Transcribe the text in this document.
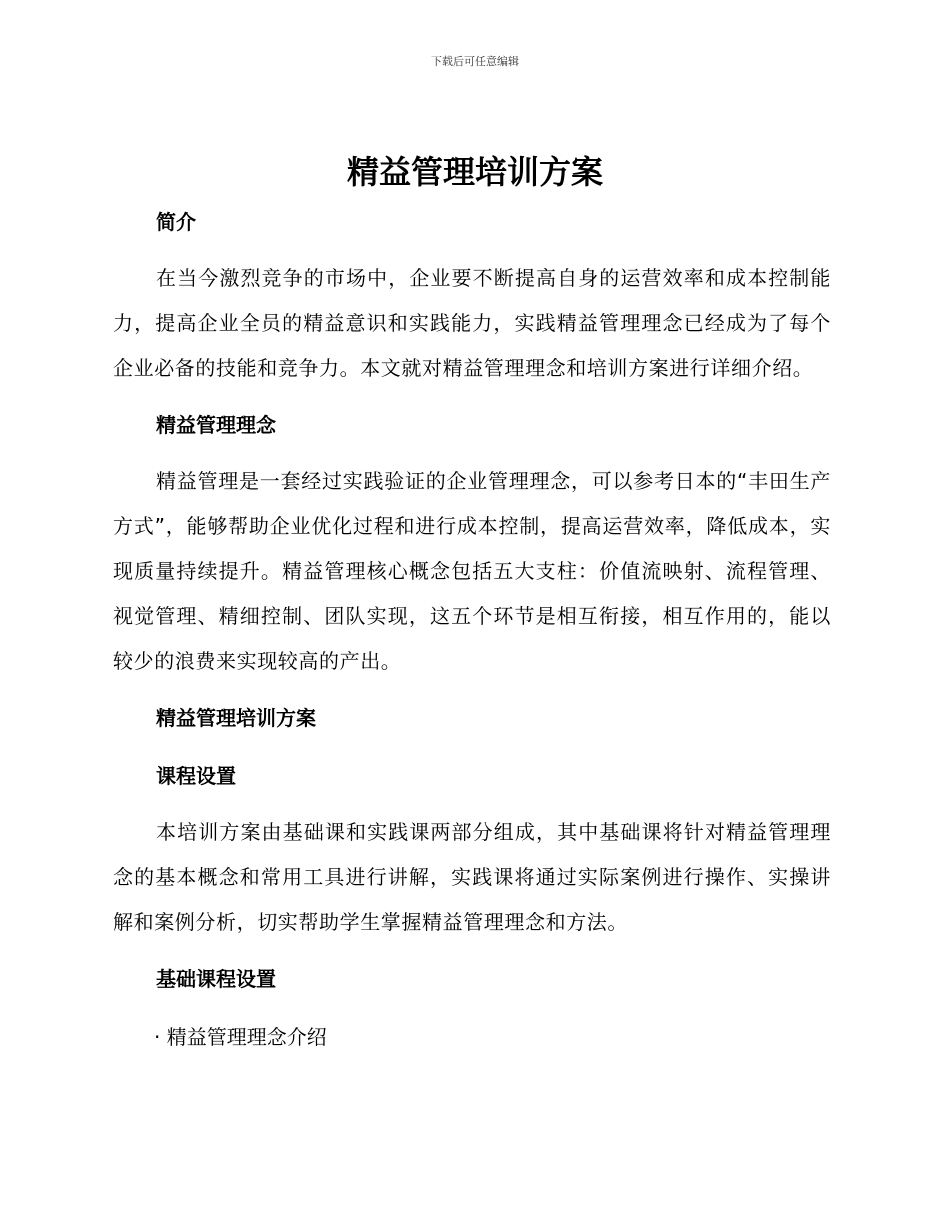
下载后可任意编辑
精益管理培训方案
简介

在当今激烈竞争的市场中，企业要不断提高自身的运营效率和成本控制能力，提高企业全员的精益意识和实践能力，实践精益管理理念已经成为了每个企业必备的技能和竞争力。本文就对精益管理理念和培训方案进行详细介绍。

精益管理理念

精益管理是一套经过实践验证的企业管理理念，可以参考日本的“丰田生产方式”，能够帮助企业优化过程和进行成本控制，提高运营效率，降低成本，实现质量持续提升。精益管理核心概念包括五大支柱：价值流映射、流程管理、视觉管理、精细控制、团队实现，这五个环节是相互衔接，相互作用的，能以较少的浪费来实现较高的产出。

精益管理培训方案
课程设置

本培训方案由基础课和实践课两部分组成，其中基础课将针对精益管理理念的基本概念和常用工具进行讲解，实践课将通过实际案例进行操作、实操讲解和案例分析，切实帮助学生掌握精益管理理念和方法。

基础课程设置
· 精益管理理念介绍
